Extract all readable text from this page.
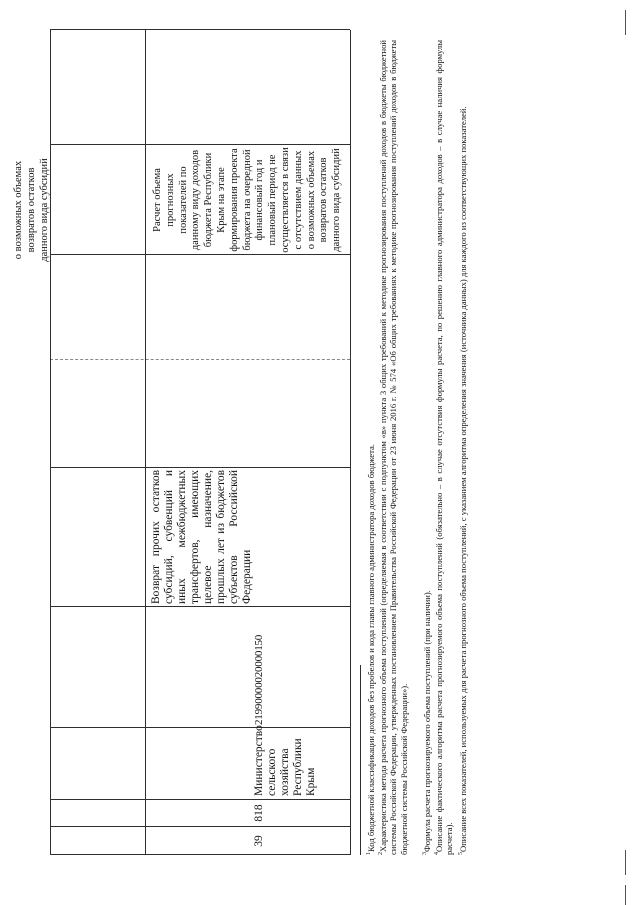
39
818
Министерство сельского хозяйства Республики Крым
21990000020000150
Возврат прочих остатков субсидий, субвенций и иных межбюджетных трансфертов, имеющих целевое назначение, прошлых лет из бюджетов субъектов Российской Федерации
о возможных объемах возвратов остатков данного вида субсидий	Расчет объема прогнозных показателей по данному виду доходов бюджета Республики Крым на этапе формирования проекта бюджета на очередной финансовый год и плановый период не осуществляется в связи с отсутствием данных о возможных объемах возвратов остатков данного вида субсидий
$^1$Код бюджетной классификации доходов без пробелов и кода главы главного администратора доходов бюджета.
$^2$Характеристика метода расчета прогнозного объема поступлений (определяемая в соответствии с подпунктом «в» пункта 3 общих требований к методике прогнозирования поступлений доходов в бюджеты бюджетной системы Российской Федерации, утвержденных постановлением Правительства Российской Федерации от 23 июня 2016 г. № 574 «Об общих требованиях к методике прогнозирования поступлений доходов в бюджеты бюджетной системы Российской Федерации»). $^3$Формула расчета прогнозируемого объема поступлений (при наличии).
$^4$Описание фактического алгоритма расчета прогнозируемого объема поступлений (обязательно – в случае отсутствия формулы расчета, по решению главного администратора доходов – в случае наличия формулы расчета). $^5$Описание всех показателей, используемых для расчета прогнозного объема поступлений, с указанием алгоритма определения значения (источника данных) для каждого из соответствующих показателей.
